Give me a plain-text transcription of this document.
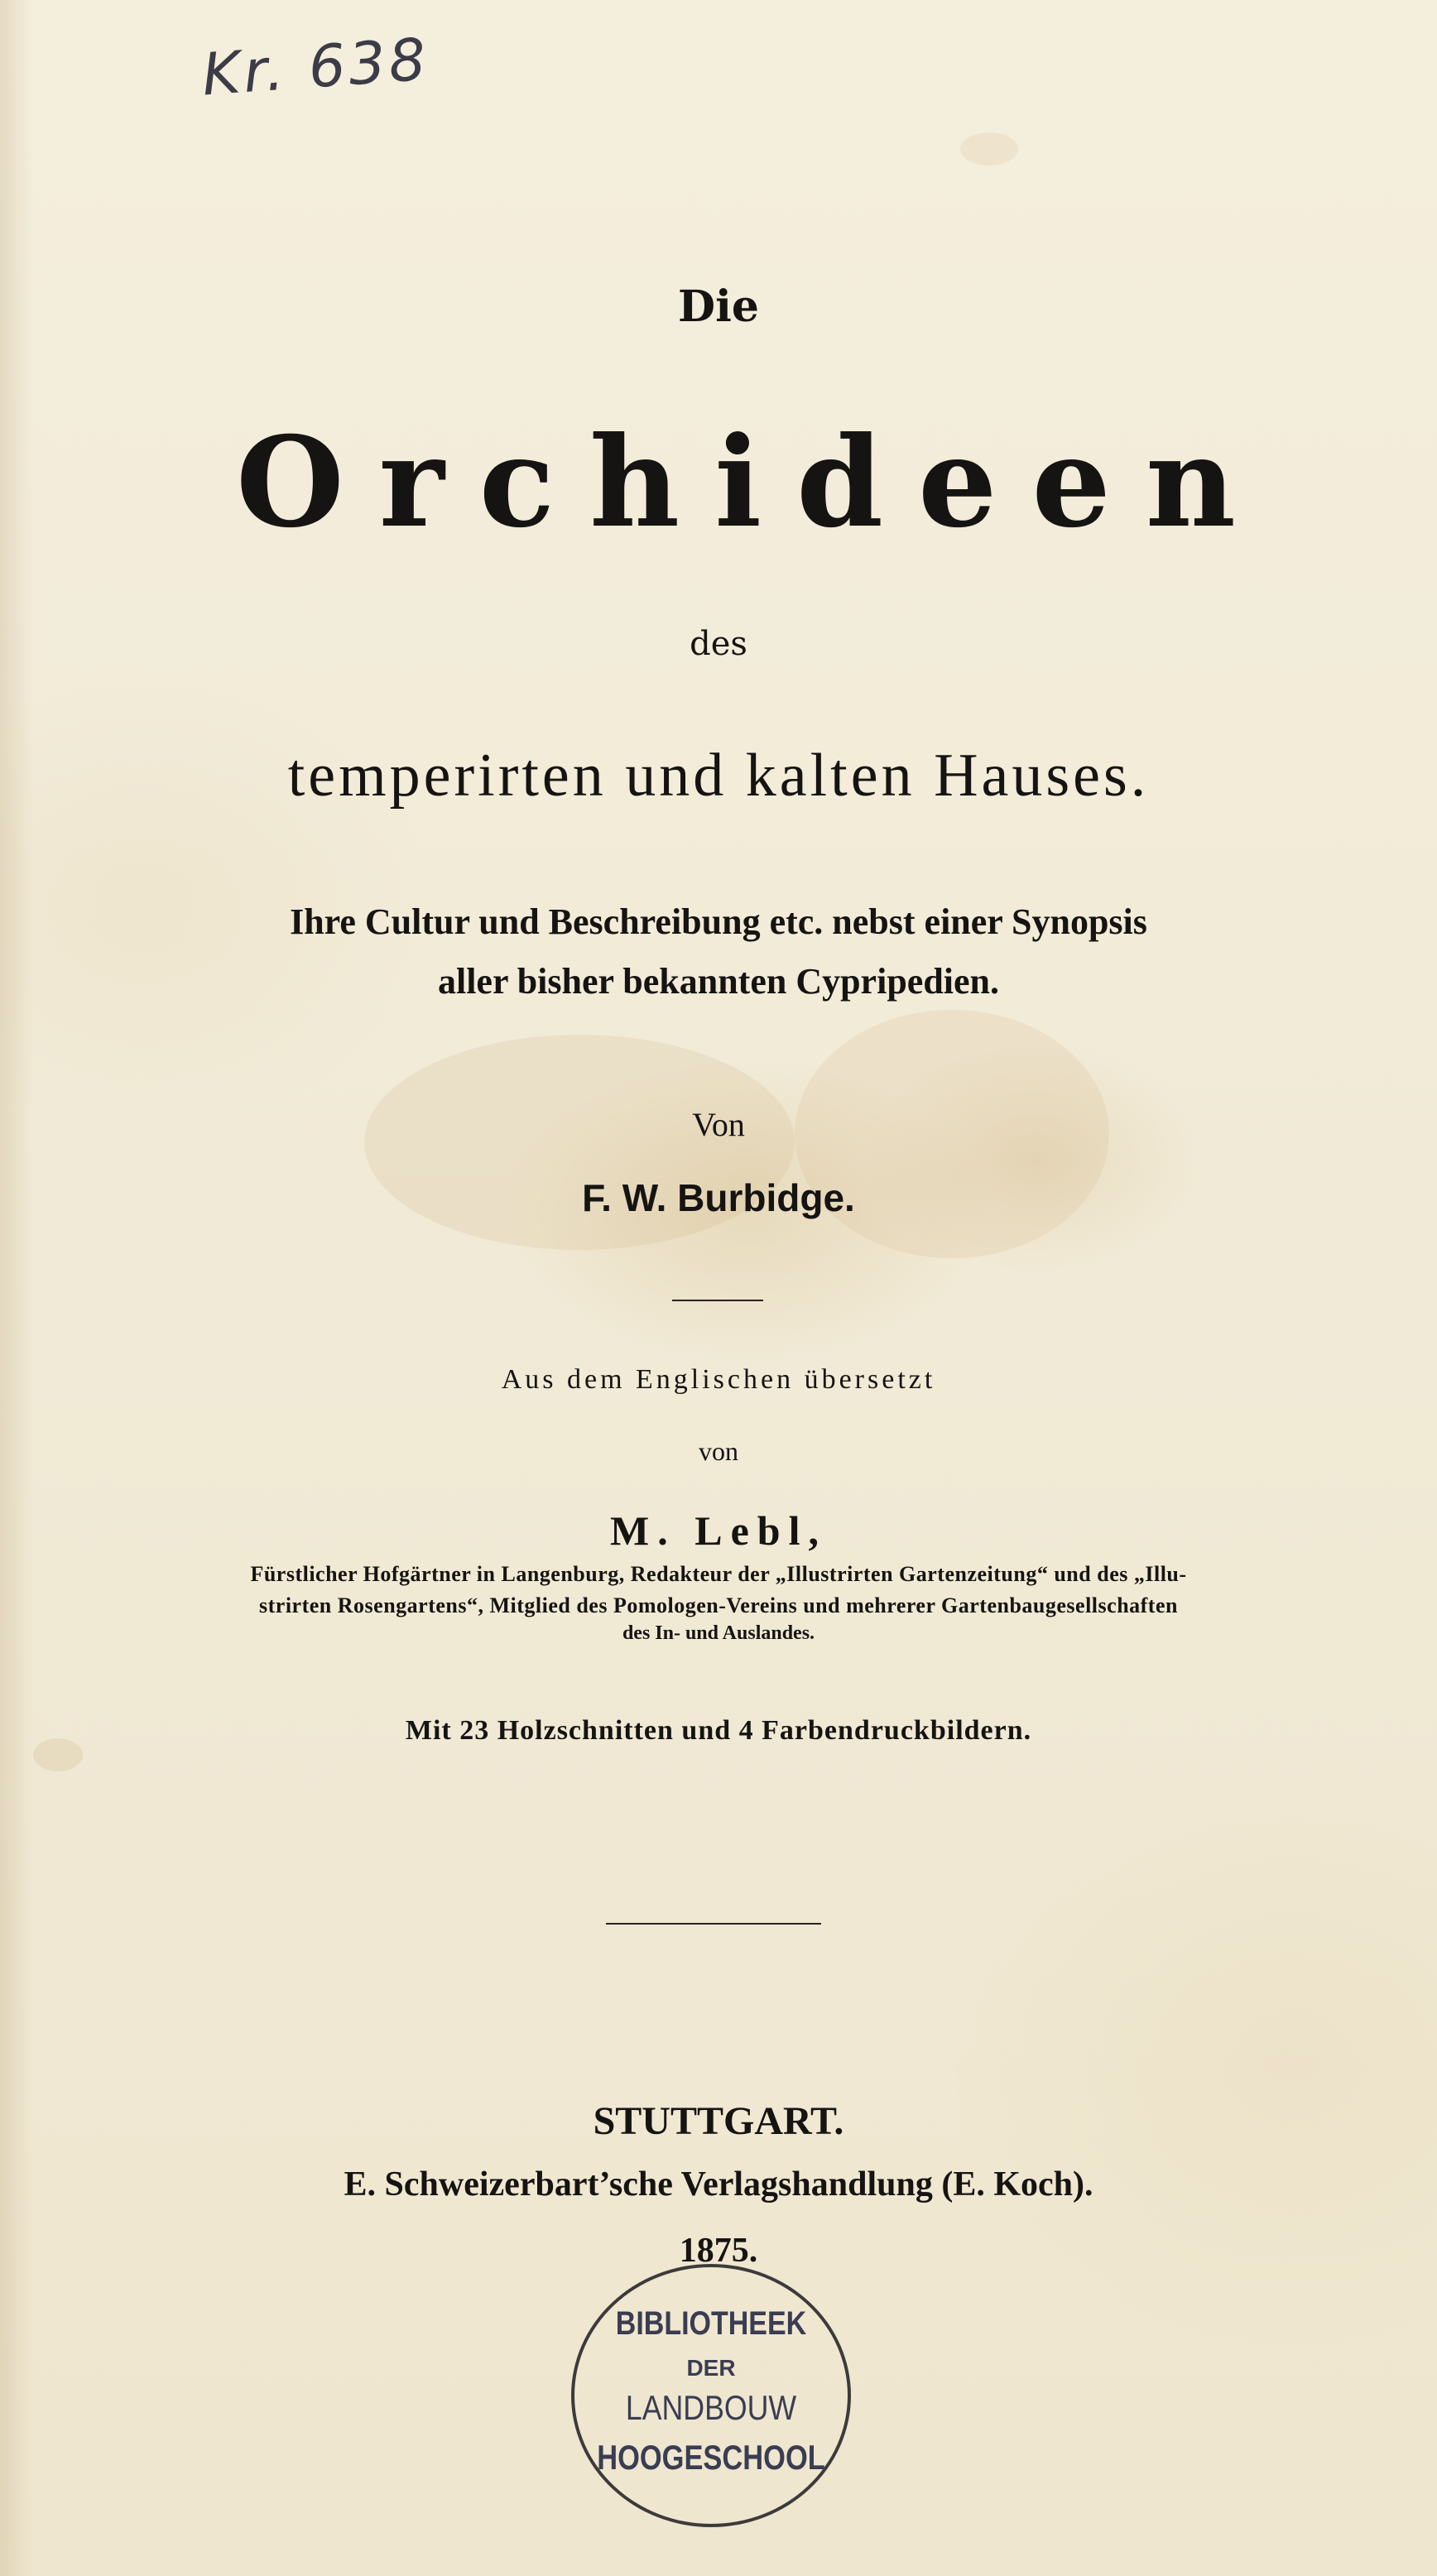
Kr. 638

Die

Orchideen

des

temperirten und kalten Hauses.

Ihre Cultur und Beschreibung etc. nebst einer Synopsis

aller bisher bekannten Cypripedien.

Von

F. W. Burbidge.

Aus dem Englischen übersetzt

von

M. Lebl,

Fürstlicher Hofgärtner in Langenburg, Redakteur der „Illustrirten Gartenzeitung“ und des „Illu-

strirten Rosengartens“, Mitglied des Pomologen-Vereins und mehrerer Gartenbaugesellschaften

des In- und Auslandes.

Mit 23 Holzschnitten und 4 Farbendruckbildern.

STUTTGART.

E. Schweizerbart’sche Verlagshandlung (E. Koch).

1875.

BIBLIOTHEEK
DER
LANDBOUW
HOOGESCHOOL
